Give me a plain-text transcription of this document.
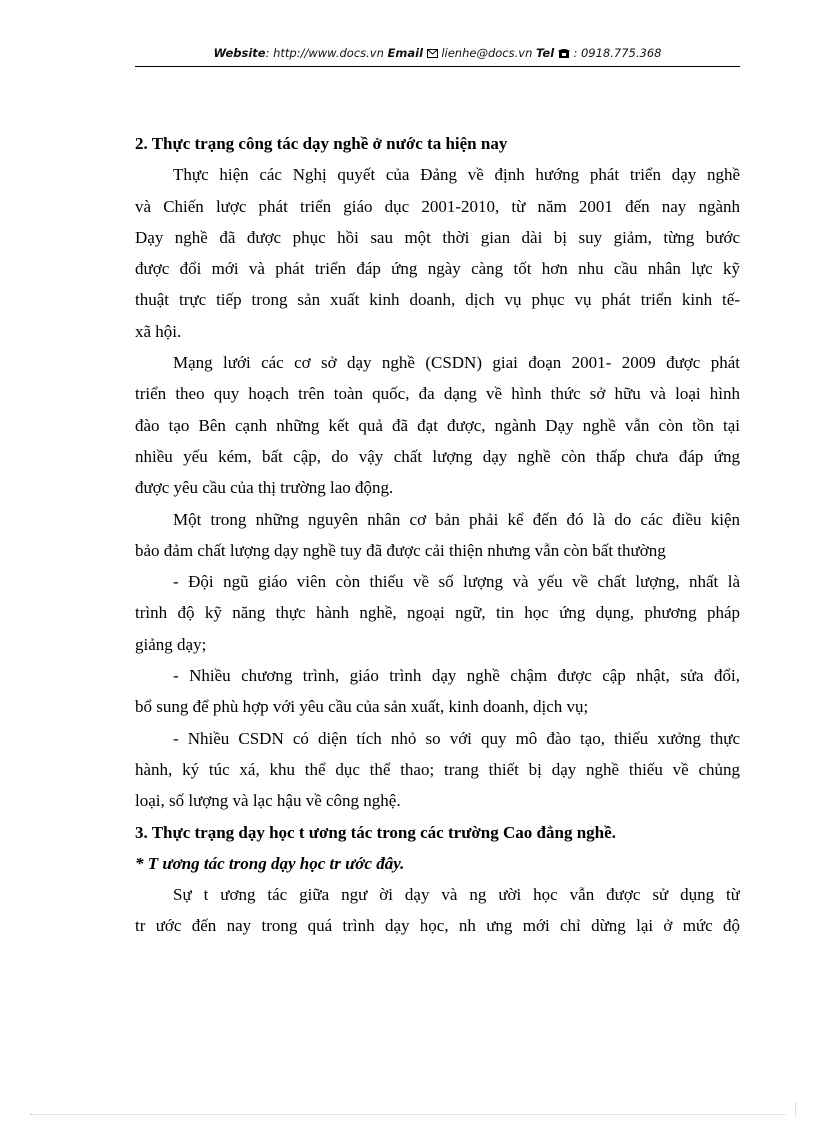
Website: http://www.docs.vn Email lienhe@docs.vn Tel : 0918.775.368
2. Thực trạng công tác dạy nghề ở nước ta hiện nay
Thực hiện các Nghị quyết của Đảng về định hướng phát triển dạy nghề
và Chiến lược phát triển giáo dục 2001-2010, từ năm 2001 đến nay ngành
Dạy nghề đã được phục hồi sau một thời gian dài bị suy giảm, từng bước
được đổi mới và phát triển đáp ứng ngày càng tốt hơn nhu cầu nhân lực kỹ
thuật trực tiếp trong sản xuất kinh doanh, dịch vụ phục vụ phát triển kinh tế-
xã hội.
Mạng lưới các cơ sở dạy nghề (CSDN) giai đoạn 2001- 2009 được phát
triển theo quy hoạch trên toàn quốc, đa dạng về hình thức sở hữu và loại hình
đào tạo Bên cạnh những kết quả đã đạt được, ngành Dạy nghề vẫn còn tồn tại
nhiều yếu kém, bất cập, do vậy chất lượng dạy nghề còn thấp chưa đáp ứng
được yêu cầu của thị trường lao động.
Một trong những nguyên nhân cơ bản phải kể đến đó là do các điều kiện
bảo đảm chất lượng dạy nghề tuy đã được cải thiện nhưng vẫn còn bất thường
- Đội ngũ giáo viên còn thiếu về số lượng và yếu về chất lượng, nhất là
trình độ kỹ năng thực hành nghề, ngoại ngữ, tin học ứng dụng, phương pháp
giảng dạy;
- Nhiều chương trình, giáo trình dạy nghề chậm được cập nhật, sửa đổi,
bổ sung để phù hợp với yêu cầu của sản xuất, kinh doanh, dịch vụ;
- Nhiều CSDN có diện tích nhỏ so với quy mô đào tạo, thiếu xưởng thực
hành, ký túc xá, khu thể dục thể thao; trang thiết bị dạy nghề thiếu về chủng
loại, số lượng và lạc hậu về công nghệ.
3. Thực trạng dạy học t ương tác trong các trường Cao đẳng nghề.
* T ương tác trong dạy học tr ước đây.
Sự t ương tác giữa ngư ời dạy và ng ười học vẫn được sử dụng từ
tr ước đến nay trong quá trình dạy học, nh ưng mới chỉ dừng lại ở mức độ
